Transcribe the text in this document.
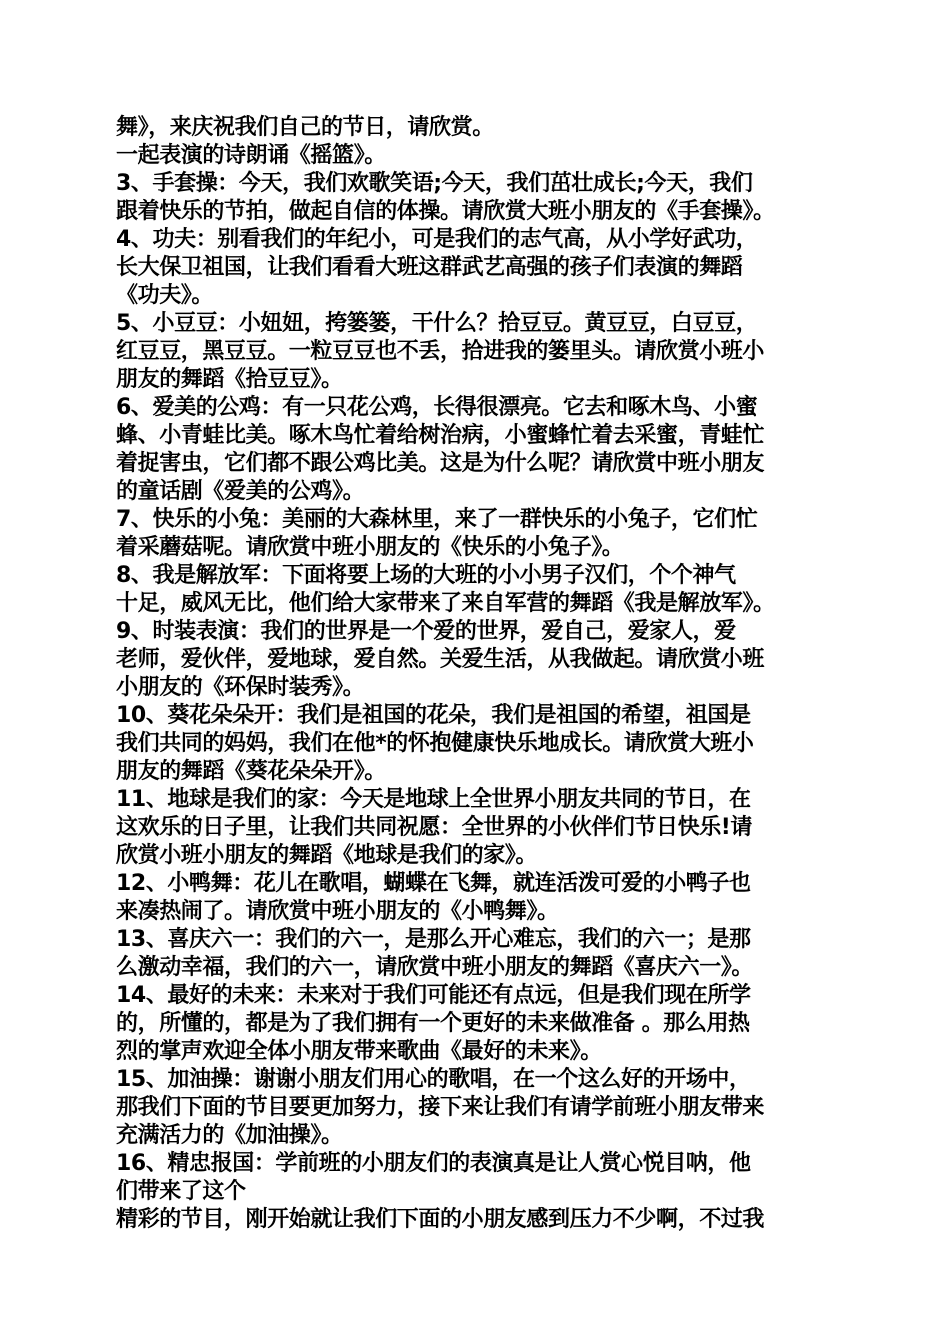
舞》，来庆祝我们自己的节日，请欣赏。
一起表演的诗朗诵《摇篮》。
3、手套操：今天，我们欢歌笑语;今天，我们茁壮成长;今天，我们
跟着快乐的节拍，做起自信的体操。请欣赏大班小朋友的《手套操》。
4、功夫：别看我们的年纪小，可是我们的志气高，从小学好武功，
长大保卫祖国，让我们看看大班这群武艺高强的孩子们表演的舞蹈
《功夫》。
5、小豆豆：小妞妞，挎篓篓，干什么？拾豆豆。黄豆豆，白豆豆，
红豆豆，黑豆豆。一粒豆豆也不丢，拾进我的篓里头。请欣赏小班小
朋友的舞蹈《拾豆豆》。
6、爱美的公鸡：有一只花公鸡，长得很漂亮。它去和啄木鸟、小蜜
蜂、小青蛙比美。啄木鸟忙着给树治病，小蜜蜂忙着去采蜜，青蛙忙
着捉害虫，它们都不跟公鸡比美。这是为什么呢？请欣赏中班小朋友
的童话剧《爱美的公鸡》。
7、快乐的小兔：美丽的大森林里，来了一群快乐的小兔子，它们忙
着采蘑菇呢。请欣赏中班小朋友的《快乐的小兔子》。
8、我是解放军：下面将要上场的大班的小小男子汉们，个个神气
十足，威风无比，他们给大家带来了来自军营的舞蹈《我是解放军》。
9、时装表演：我们的世界是一个爱的世界，爱自己，爱家人，爱
老师，爱伙伴，爱地球，爱自然。关爱生活，从我做起。请欣赏小班
小朋友的《环保时装秀》。
10、葵花朵朵开：我们是祖国的花朵，我们是祖国的希望，祖国是
我们共同的妈妈，我们在他*的怀抱健康快乐地成长。请欣赏大班小
朋友的舞蹈《葵花朵朵开》。
11、地球是我们的家：今天是地球上全世界小朋友共同的节日，在
这欢乐的日子里，让我们共同祝愿：全世界的小伙伴们节日快乐!请
欣赏小班小朋友的舞蹈《地球是我们的家》。
12、小鸭舞：花儿在歌唱，蝴蝶在飞舞，就连活泼可爱的小鸭子也
来凑热闹了。请欣赏中班小朋友的《小鸭舞》。
13、喜庆六一：我们的六一，是那么开心难忘，我们的六一；是那
么激动幸福，我们的六一，请欣赏中班小朋友的舞蹈《喜庆六一》。
14、最好的未来：未来对于我们可能还有点远，但是我们现在所学
的，所懂的，都是为了我们拥有一个更好的未来做准备 。那么用热
烈的掌声欢迎全体小朋友带来歌曲《最好的未来》。
15、加油操：谢谢小朋友们用心的歌唱，在一个这么好的开场中，
那我们下面的节目要更加努力，接下来让我们有请学前班小朋友带来
充满活力的《加油操》。
16、精忠报国：学前班的小朋友们的表演真是让人赏心悦目呐，他
们带来了这个
精彩的节目，刚开始就让我们下面的小朋友感到压力不少啊，不过我
